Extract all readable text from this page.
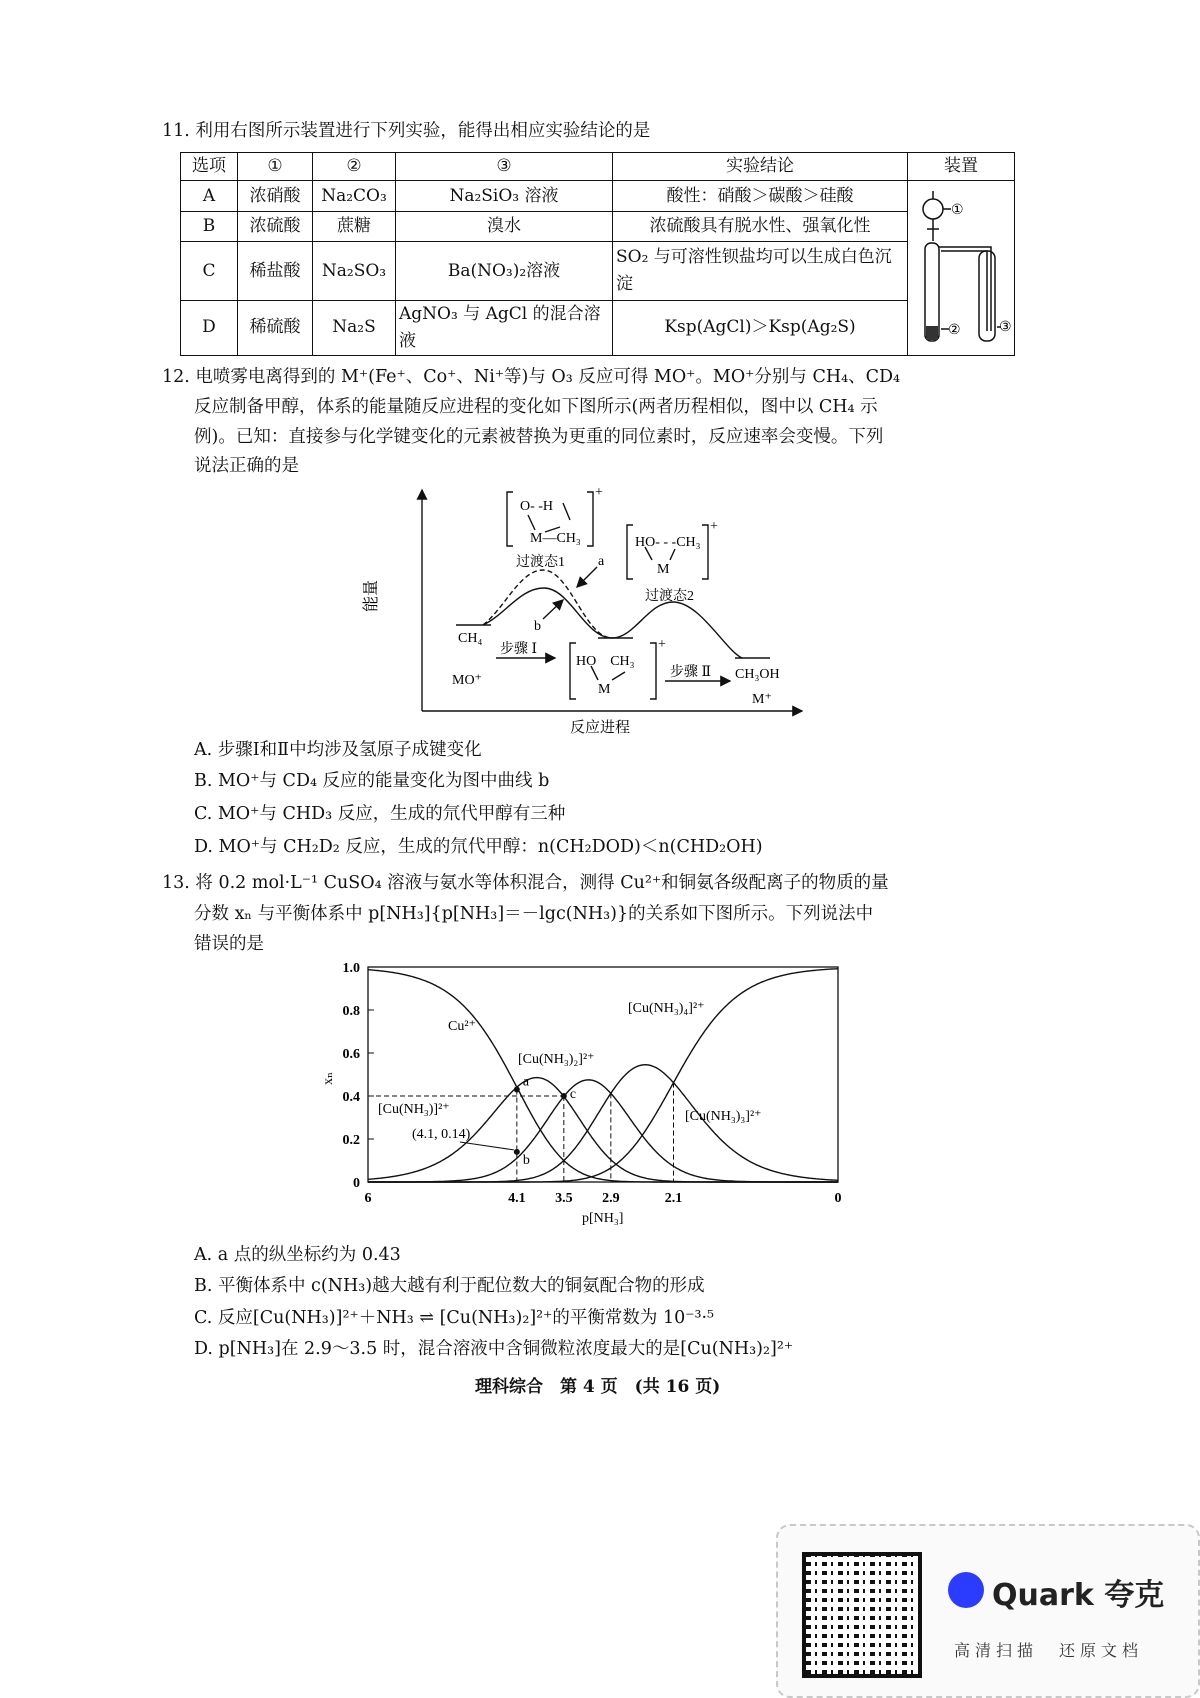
11. 利用右图所示装置进行下列实验，能得出相应实验结论的是
选项	①	②	③	实验结论	装置
A	浓硝酸	Na₂CO₃	Na₂SiO₃ 溶液	酸性：硝酸＞碳酸＞硅酸	①
② ③

B	浓硫酸	蔗糖	溴水	浓硫酸具有脱水性、强氧化性	
C	稀盐酸	Na₂SO₃	Ba(NO₃)₂溶液	SO₂ 与可溶性钡盐均可以生成白色沉淀	
D	稀硫酸	Na₂S	AgNO₃ 与 AgCl 的混合溶液	Ksp(AgCl)＞Ksp(Ag₂S)	
12. 电喷雾电离得到的 M⁺(Fe⁺、Co⁺、Ni⁺等)与 O₃ 反应可得 MO⁺。MO⁺分别与 CH₄、CD₄
反应制备甲醇，体系的能量随反应进程的变化如下图所示(两者历程相似，图中以 CH₄ 示
例)。已知：直接参与化学键变化的元素被替换为更重的同位素时，反应速率会变慢。下列
说法正确的是
能量
反应进程
O- -H
M—CH₃
+
过渡态1
HO- - -CH₃
M
+
过渡态2
HO    CH₃
M
+
CH₄
MO⁺
步骤 Ⅰ
步骤 Ⅱ CH₃OH
M⁺
a
b
A. 步骤Ⅰ和Ⅱ中均涉及氢原子成键变化
B. MO⁺与 CD₄ 反应的能量变化为图中曲线 b
C. MO⁺与 CHD₃ 反应，生成的氘代甲醇有三种
D. MO⁺与 CH₂D₂ 反应，生成的氘代甲醇：n(CH₂DOD)＜n(CHD₂OH)
13. 将 0.2 mol·L⁻¹ CuSO₄ 溶液与氨水等体积混合，测得 Cu²⁺和铜氨各级配离子的物质的量
分数 xₙ 与平衡体系中 p[NH₃]{p[NH₃]＝－lgc(NH₃)}的关系如下图所示。下列说法中
错误的是
0
0.2
0.4
0.6
0.8
1.0
6	4.1 3.5 2.9	2.1	0
a
b
c
Cu²⁺
[Cu(NH₃)]²⁺
[Cu(NH₃)₂]²⁺
[Cu(NH₃)₃]²⁺
[Cu(NH₃)₄]²⁺
(4.1, 0.14)
p[NH₃]
xₙ
A. a 点的纵坐标约为 0.43
B. 平衡体系中 c(NH₃)越大越有利于配位数大的铜氨配合物的形成
C. 反应[Cu(NH₃)]²⁺＋NH₃ ⇌ [Cu(NH₃)₂]²⁺的平衡常数为 10⁻³·⁵
D. p[NH₃]在 2.9～3.5 时，混合溶液中含铜微粒浓度最大的是[Cu(NH₃)₂]²⁺
理科综合　第 4 页　(共 16 页)
Quark 夸克
高清扫描　还原文档
